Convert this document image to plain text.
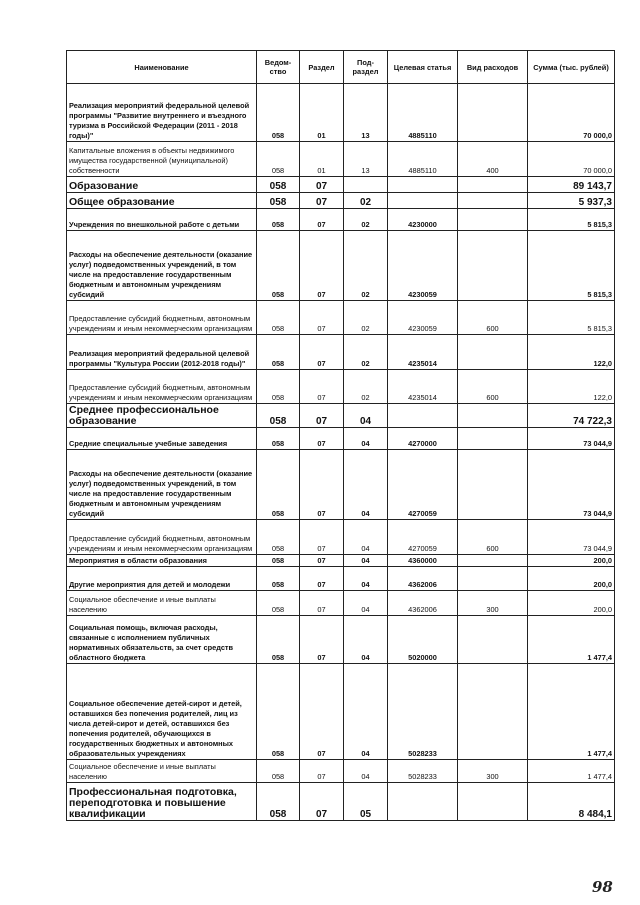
Наименование	Ведом-ство	Раздел	Под-раздел	Целевая статья	Вид расходов	Сумма (тыс. рублей)
Реализация мероприятий федеральной целевой программы "Развитие внутреннего и въездного туризма в Российской Федерации (2011 - 2018 годы)"	058	01	13	4885110		70 000,0
Капитальные вложения в объекты недвижимого имущества государственной (муниципальной) собственности	058	01	13	4885110	400	70 000,0
Образование	058	07				89 143,7
Общее образование	058	07	02			5 937,3
Учреждения по внешкольной работе с детьми	058	07	02	4230000		5 815,3
Расходы на обеспечение деятельности (оказание услуг) подведомственных учреждений, в том числе на предоставление государственным бюджетным и автономным учреждениям субсидий	058	07	02	4230059		5 815,3
Предоставление субсидий бюджетным, автономным учреждениям и иным некоммерческим организациям	058	07	02	4230059	600	5 815,3
Реализация мероприятий федеральной целевой программы "Культура России (2012-2018 годы)"	058	07	02	4235014		122,0
Предоставление субсидий бюджетным, автономным учреждениям и иным некоммерческим организациям	058	07	02	4235014	600	122,0
Среднее профессиональное образование	058	07	04			74 722,3
Средние специальные учебные заведения	058	07	04	4270000		73 044,9
Расходы на обеспечение деятельности (оказание услуг) подведомственных учреждений, в том числе на предоставление государственным бюджетным и автономным учреждениям субсидий	058	07	04	4270059		73 044,9
Предоставление субсидий бюджетным, автономным учреждениям и иным некоммерческим организациям	058	07	04	4270059	600	73 044,9
Мероприятия в области образования	058	07	04	4360000		200,0
Другие мероприятия для детей и молодежи	058	07	04	4362006		200,0
Социальное обеспечение и иные выплаты населению	058	07	04	4362006	300	200,0
Социальная помощь, включая расходы, связанные с исполнением публичных нормативных обязательств, за счет средств областного бюджета	058	07	04	5020000		1 477,4
Социальное обеспечение детей-сирот и детей, оставшихся без попечения родителей, лиц из числа детей-сирот и детей, оставшихся без попечения родителей, обучающихся в государственных бюджетных и автономных образовательных учреждениях	058	07	04	5028233		1 477,4
Социальное обеспечение и иные выплаты населению	058	07	04	5028233	300	1 477,4
Профессиональная подготовка, переподготовка и повышение квалификации	058	07	05			8 484,1
98
